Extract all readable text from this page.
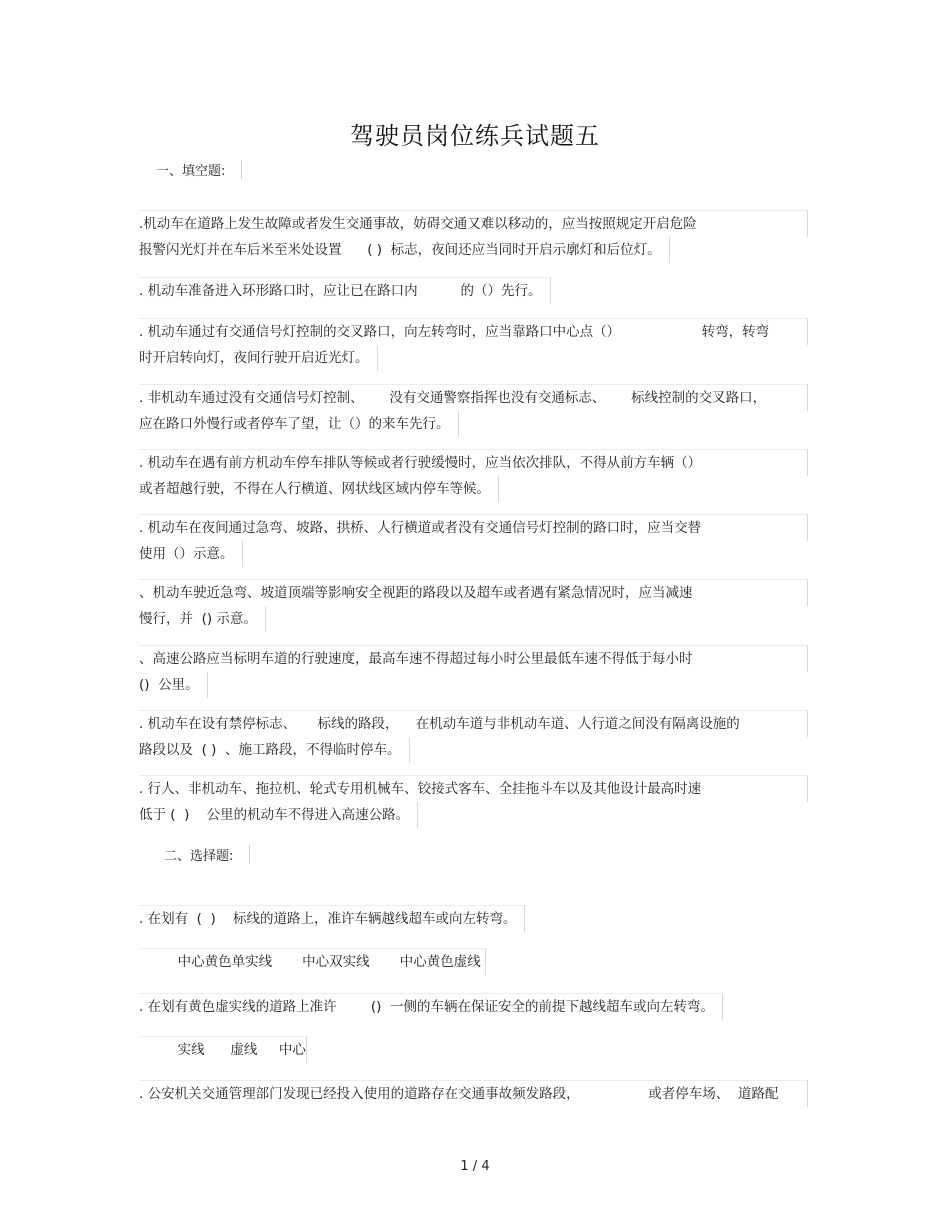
驾驶员岗位练兵试题五
一、填空题:
.机动车在道路上发生故障或者发生交通事故，妨碍交通又难以移动的，应当按照规定开启危险
报警闪光灯并在车后米至米处设置      ( )  标志，夜间还应当同时开启示廓灯和后位灯。
. 机动车准备进入环形路口时，应让已在路口内          的（）先行。
. 机动车通过有交通信号灯控制的交叉路口，向左转弯时，应当靠路口中心点（）                   转弯，转弯
时开启转向灯，夜间行驶开启近光灯。
. 非机动车通过没有交通信号灯控制、      没有交通警察指挥也没有交通标志、      标线控制的交叉路口，
应在路口外慢行或者停车了望，让（）的来车先行。
. 机动车在遇有前方机动车停车排队等候或者行驶缓慢时，应当依次排队，不得从前方车辆（）
或者超越行驶，不得在人行横道、网状线区域内停车等候。
. 机动车在夜间通过急弯、坡路、拱桥、人行横道或者没有交通信号灯控制的路口时，应当交替
使用（）示意。
、机动车驶近急弯、坡道顶端等影响安全视距的路段以及超车或者遇有紧急情况时，应当减速
慢行，并  () 示意。
、高速公路应当标明车道的行驶速度，最高车速不得超过每小时公里最低车速不得低于每小时
()  公里。
. 机动车在设有禁停标志、     标线的路段，    在机动车道与非机动车道、人行道之间没有隔离设施的
路段以及  ( )  、施工路段，不得临时停车。
. 行人、非机动车、拖拉机、轮式专用机械车、铰接式客车、全挂拖斗车以及其他设计最高时速
低于 (  )    公里的机动车不得进入高速公路。
二、选择题:
. 在划有  (  )    标线的道路上，准许车辆越线超车或向左转弯。
中心黄色单实线       中心双实线       中心黄色虚线
. 在划有黄色虚实线的道路上准许        ()  一侧的车辆在保证安全的前提下越线超车或向左转弯。
实线      虚线     中心
. 公安机关交通管理部门发现已经投入使用的道路存在交通事故频发路段，                或者停车场、  道路配
1 / 4
